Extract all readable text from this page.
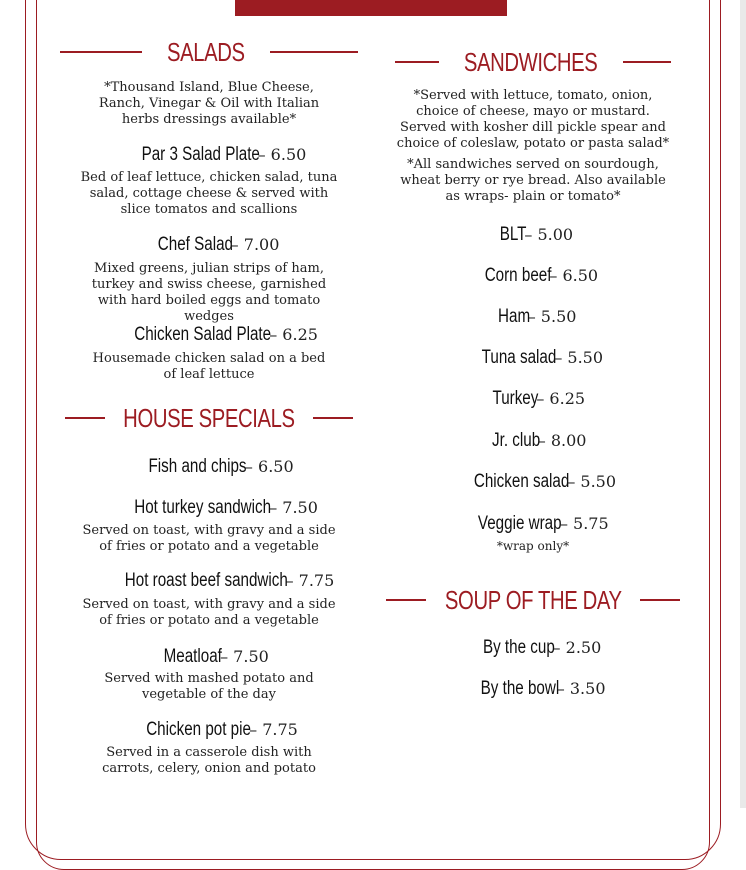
SALADS
*Thousand Island, Blue Cheese, Ranch, Vinegar & Oil with Italian herbs dressings available*
Par 3 Salad Plate – 6.50
Bed of leaf lettuce, chicken salad, tuna salad, cottage cheese & served with slice tomatos and scallions
Chef Salad – 7.00
Mixed greens, julian strips of ham, turkey and swiss cheese, garnished with hard boiled eggs and tomato wedges
Chicken Salad Plate – 6.25
Housemade chicken salad on a bed of leaf lettuce
HOUSE SPECIALS
Fish and chips – 6.50
Hot turkey sandwich – 7.50
Served on toast, with gravy and a side of fries or potato and a vegetable
Hot roast beef sandwich – 7.75
Served on toast, with gravy and a side of fries or potato and a vegetable
Meatloaf – 7.50
Served with mashed potato and vegetable of the day
Chicken pot pie – 7.75
Served in a casserole dish with carrots, celery, onion and potato
SANDWICHES
*Served with lettuce, tomato, onion, choice of cheese, mayo or mustard. Served with kosher dill pickle spear and choice of coleslaw, potato or pasta salad*
*All sandwiches served on sourdough, wheat berry or rye bread. Also available as wraps- plain or tomato*
BLT – 5.00
Corn beef – 6.50
Ham – 5.50
Tuna salad – 5.50
Turkey – 6.25
Jr. club – 8.00
Chicken salad – 5.50
Veggie wrap – 5.75
*wrap only*
SOUP OF THE DAY
By the cup – 2.50
By the bowl – 3.50
